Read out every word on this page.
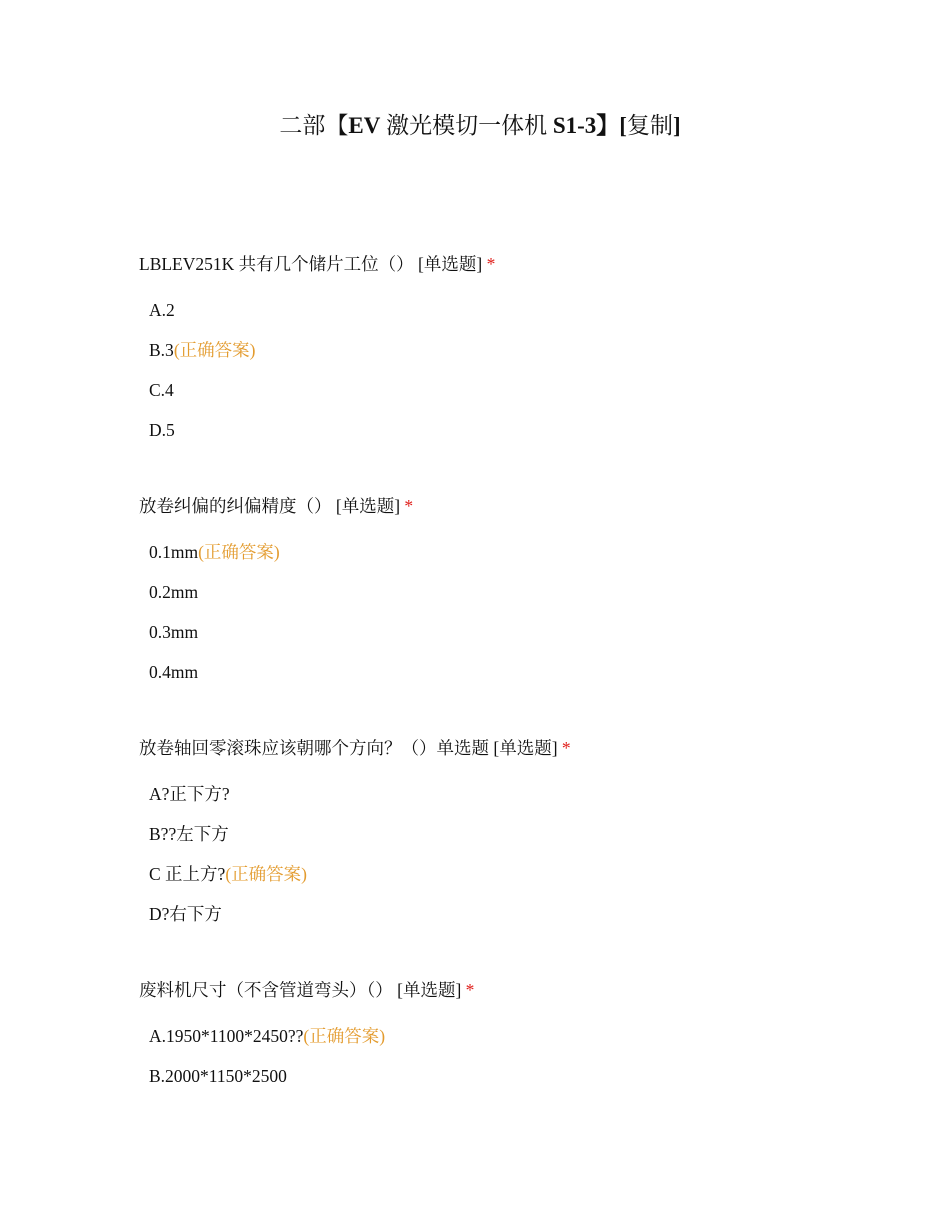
二部【EV 激光模切一体机 S1-3】[复制]
LBLEV251K 共有几个储片工位（） [单选题] *
A.2
B.3(正确答案)
C.4
D.5
放卷纠偏的纠偏精度（） [单选题] *
0.1mm(正确答案)
0.2mm
0.3mm
0.4mm
放卷轴回零滚珠应该朝哪个方向？（）单选题 [单选题] *
A?正下方?
B??左下方
C 正上方?(正确答案)
D?右下方
废料机尺寸（不含管道弯头）（） [单选题] *
A.1950*1100*2450??(正确答案)
B.2000*1150*2500
